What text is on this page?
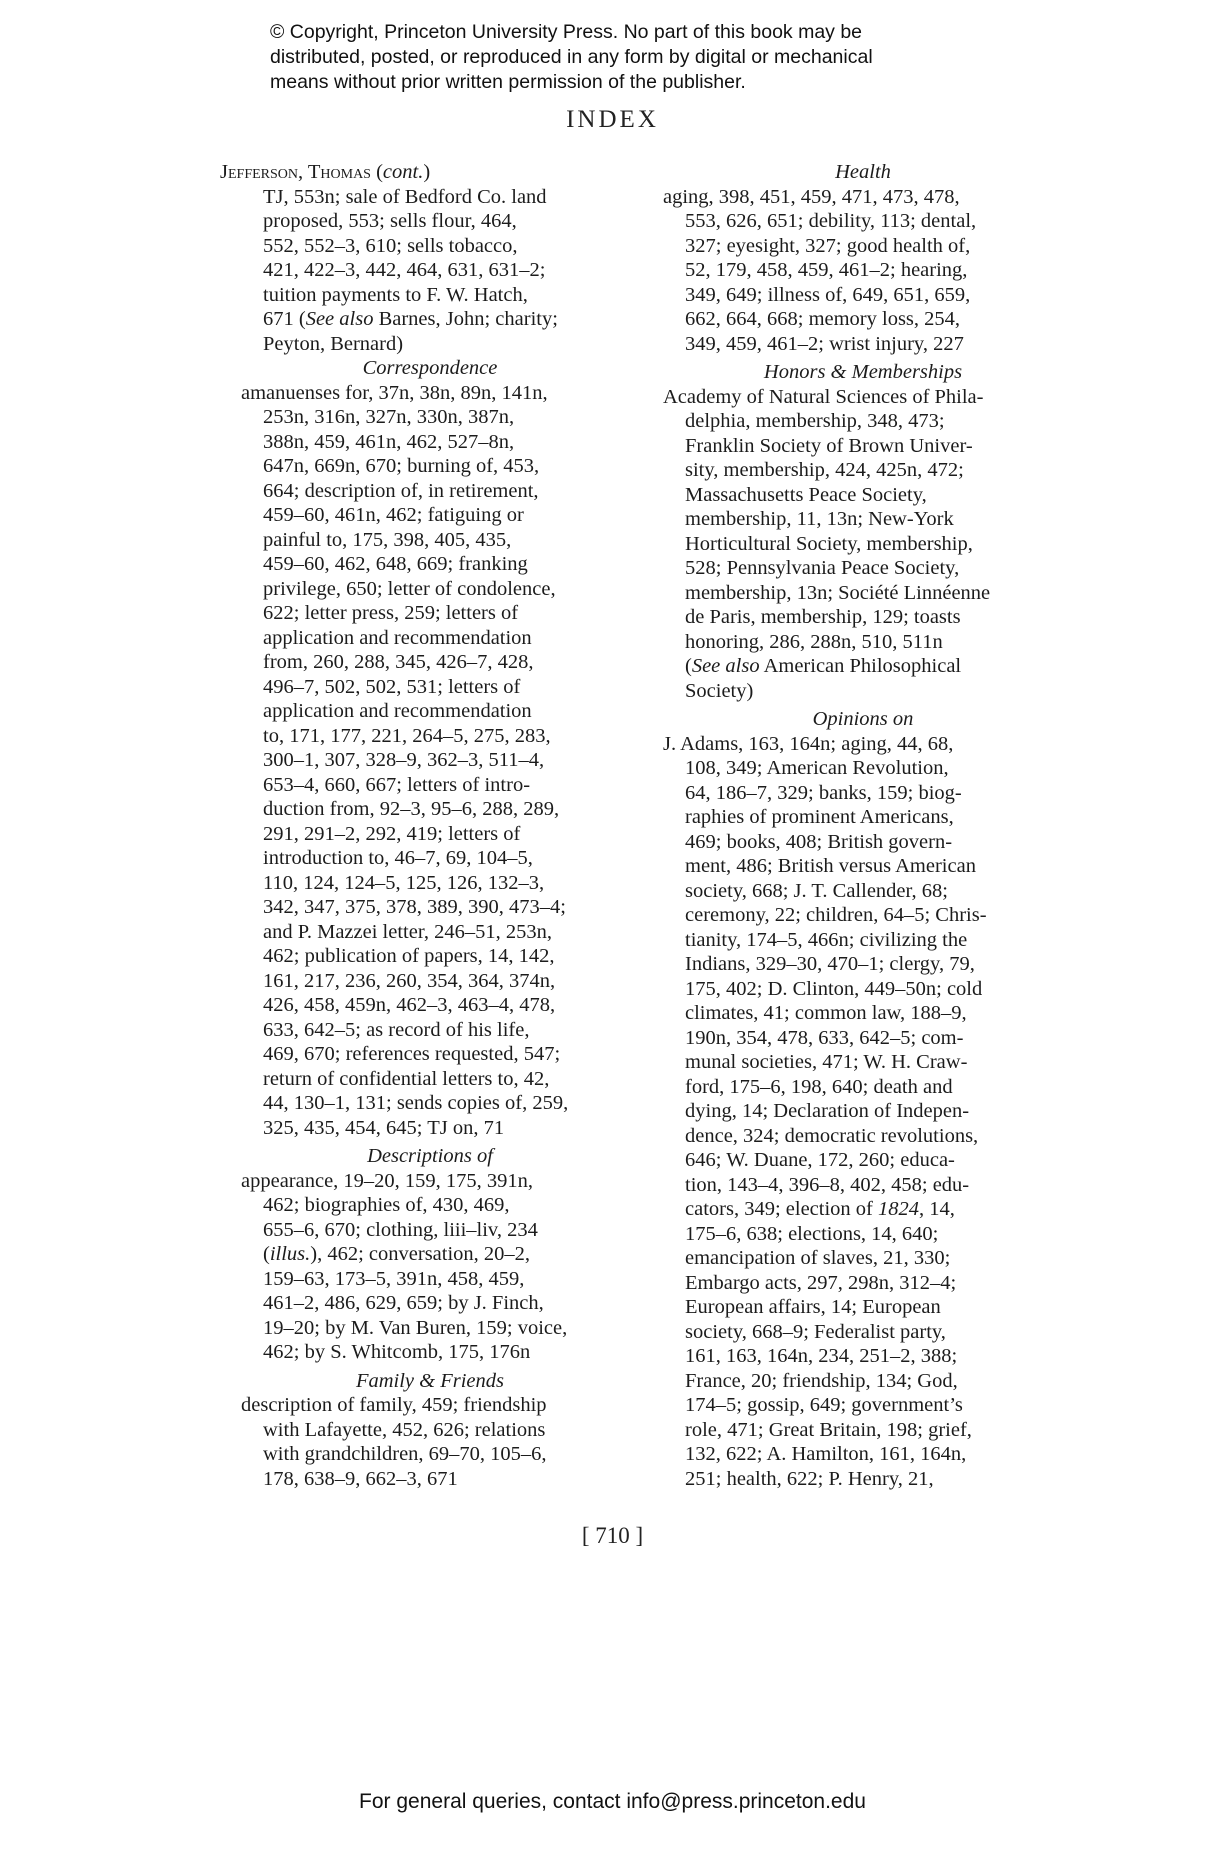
© Copyright, Princeton University Press. No part of this book may be
distributed, posted, or reproduced in any form by digital or mechanical
means without prior written permission of the publisher.
INDEX
Jefferson, Thomas (cont.)
TJ, 553n; sale of Bedford Co. land
proposed, 553; sells flour, 464,
552, 552–3, 610; sells tobacco,
421, 422–3, 442, 464, 631, 631–2;
tuition payments to F. W. Hatch,
671 (See also Barnes, John; charity;
Peyton, Bernard)
Correspondence
amanuenses for, 37n, 38n, 89n, 141n,
253n, 316n, 327n, 330n, 387n,
388n, 459, 461n, 462, 527–8n,
647n, 669n, 670; burning of, 453,
664; description of, in retirement,
459–60, 461n, 462; fatiguing or
painful to, 175, 398, 405, 435,
459–60, 462, 648, 669; franking
privilege, 650; letter of condolence,
622; letter press, 259; letters of
application and recommendation
from, 260, 288, 345, 426–7, 428,
496–7, 502, 502, 531; letters of
application and recommendation
to, 171, 177, 221, 264–5, 275, 283,
300–1, 307, 328–9, 362–3, 511–4,
653–4, 660, 667; letters of intro-
duction from, 92–3, 95–6, 288, 289,
291, 291–2, 292, 419; letters of
introduction to, 46–7, 69, 104–5,
110, 124, 124–5, 125, 126, 132–3,
342, 347, 375, 378, 389, 390, 473–4;
and P. Mazzei letter, 246–51, 253n,
462; publication of papers, 14, 142,
161, 217, 236, 260, 354, 364, 374n,
426, 458, 459n, 462–3, 463–4, 478,
633, 642–5; as record of his life,
469, 670; references requested, 547;
return of confidential letters to, 42,
44, 130–1, 131; sends copies of, 259,
325, 435, 454, 645; TJ on, 71
Descriptions of
appearance, 19–20, 159, 175, 391n,
462; biographies of, 430, 469,
655–6, 670; clothing, liii–liv, 234
(illus.), 462; conversation, 20–2,
159–63, 173–5, 391n, 458, 459,
461–2, 486, 629, 659; by J. Finch,
19–20; by M. Van Buren, 159; voice,
462; by S. Whitcomb, 175, 176n
Family & Friends
description of family, 459; friendship
with Lafayette, 452, 626; relations
with grandchildren, 69–70, 105–6,
178, 638–9, 662–3, 671
Health
aging, 398, 451, 459, 471, 473, 478,
553, 626, 651; debility, 113; dental,
327; eyesight, 327; good health of,
52, 179, 458, 459, 461–2; hearing,
349, 649; illness of, 649, 651, 659,
662, 664, 668; memory loss, 254,
349, 459, 461–2; wrist injury, 227
Honors & Memberships
Academy of Natural Sciences of Phila-
delphia, membership, 348, 473;
Franklin Society of Brown Univer-
sity, membership, 424, 425n, 472;
Massachusetts Peace Society,
membership, 11, 13n; New-York
Horticultural Society, membership,
528; Pennsylvania Peace Society,
membership, 13n; Société Linnéenne
de Paris, membership, 129; toasts
honoring, 286, 288n, 510, 511n
(See also American Philosophical
Society)
Opinions on
J. Adams, 163, 164n; aging, 44, 68,
108, 349; American Revolution,
64, 186–7, 329; banks, 159; biog-
raphies of prominent Americans,
469; books, 408; British govern-
ment, 486; British versus American
society, 668; J. T. Callender, 68;
ceremony, 22; children, 64–5; Chris-
tianity, 174–5, 466n; civilizing the
Indians, 329–30, 470–1; clergy, 79,
175, 402; D. Clinton, 449–50n; cold
climates, 41; common law, 188–9,
190n, 354, 478, 633, 642–5; com-
munal societies, 471; W. H. Craw-
ford, 175–6, 198, 640; death and
dying, 14; Declaration of Indepen-
dence, 324; democratic revolutions,
646; W. Duane, 172, 260; educa-
tion, 143–4, 396–8, 402, 458; edu-
cators, 349; election of 1824, 14,
175–6, 638; elections, 14, 640;
emancipation of slaves, 21, 330;
Embargo acts, 297, 298n, 312–4;
European affairs, 14; European
society, 668–9; Federalist party,
161, 163, 164n, 234, 251–2, 388;
France, 20; friendship, 134; God,
174–5; gossip, 649; government’s
role, 471; Great Britain, 198; grief,
132, 622; A. Hamilton, 161, 164n,
251; health, 622; P. Henry, 21,
[ 710 ]
For general queries, contact info@press.princeton.edu
